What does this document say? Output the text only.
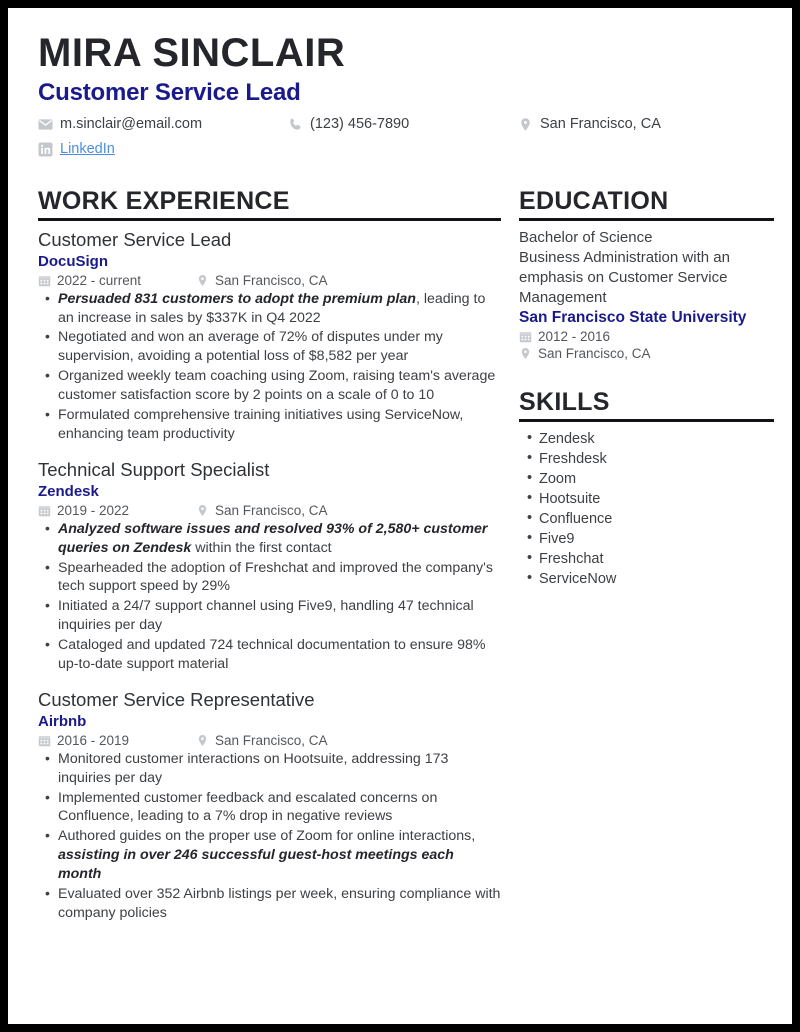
MIRA SINCLAIR
Customer Service Lead
m.sinclair@email.com	(123) 456-7890	San Francisco, CA
LinkedIn
WORK EXPERIENCE
Customer Service Lead
DocuSign
2022 - current	San Francisco, CA
• Persuaded 831 customers to adopt the premium plan, leading to an increase in sales by $337K in Q4 2022
• Negotiated and won an average of 72% of disputes under my supervision, avoiding a potential loss of $8,582 per year
• Organized weekly team coaching using Zoom, raising team's average customer satisfaction score by 2 points on a scale of 0 to 10
• Formulated comprehensive training initiatives using ServiceNow, enhancing team productivity
Technical Support Specialist
Zendesk
2019 - 2022	San Francisco, CA
• Analyzed software issues and resolved 93% of 2,580+ customer queries on Zendesk within the first contact
• Spearheaded the adoption of Freshchat and improved the company's tech support speed by 29%
• Initiated a 24/7 support channel using Five9, handling 47 technical inquiries per day
• Cataloged and updated 724 technical documentation to ensure 98% up-to-date support material
Customer Service Representative
Airbnb
2016 - 2019	San Francisco, CA
• Monitored customer interactions on Hootsuite, addressing 173 inquiries per day
• Implemented customer feedback and escalated concerns on Confluence, leading to a 7% drop in negative reviews
• Authored guides on the proper use of Zoom for online interactions, assisting in over 246 successful guest-host meetings each month
• Evaluated over 352 Airbnb listings per week, ensuring compliance with company policies
EDUCATION
Bachelor of Science
Business Administration with an emphasis on Customer Service Management
San Francisco State University
2012 - 2016
San Francisco, CA
SKILLS
• Zendesk
• Freshdesk
• Zoom
• Hootsuite
• Confluence
• Five9
• Freshchat
• ServiceNow
